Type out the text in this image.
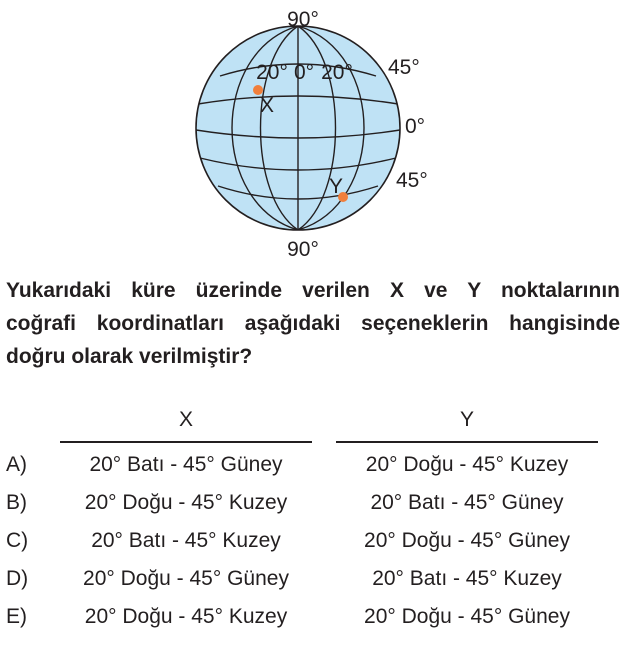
90°
90°
45°
0°
45°
20° 0° 20°
X
Y
Yukarıdaki küre üzerinde verilen X ve Y noktalarının
coğrafi koordinatları aşağıdaki seçeneklerin hangisinde
doğru olarak verilmiştir?
X	Y
A)	20° Batı - 45° Güney	20° Doğu - 45° Kuzey
B)	20° Doğu - 45° Kuzey	20° Batı - 45° Güney
C)	20° Batı - 45° Kuzey	20° Doğu - 45° Güney
D)	20° Doğu - 45° Güney	20° Batı - 45° Kuzey
E)	20° Doğu - 45° Kuzey	20° Doğu - 45° Güney
